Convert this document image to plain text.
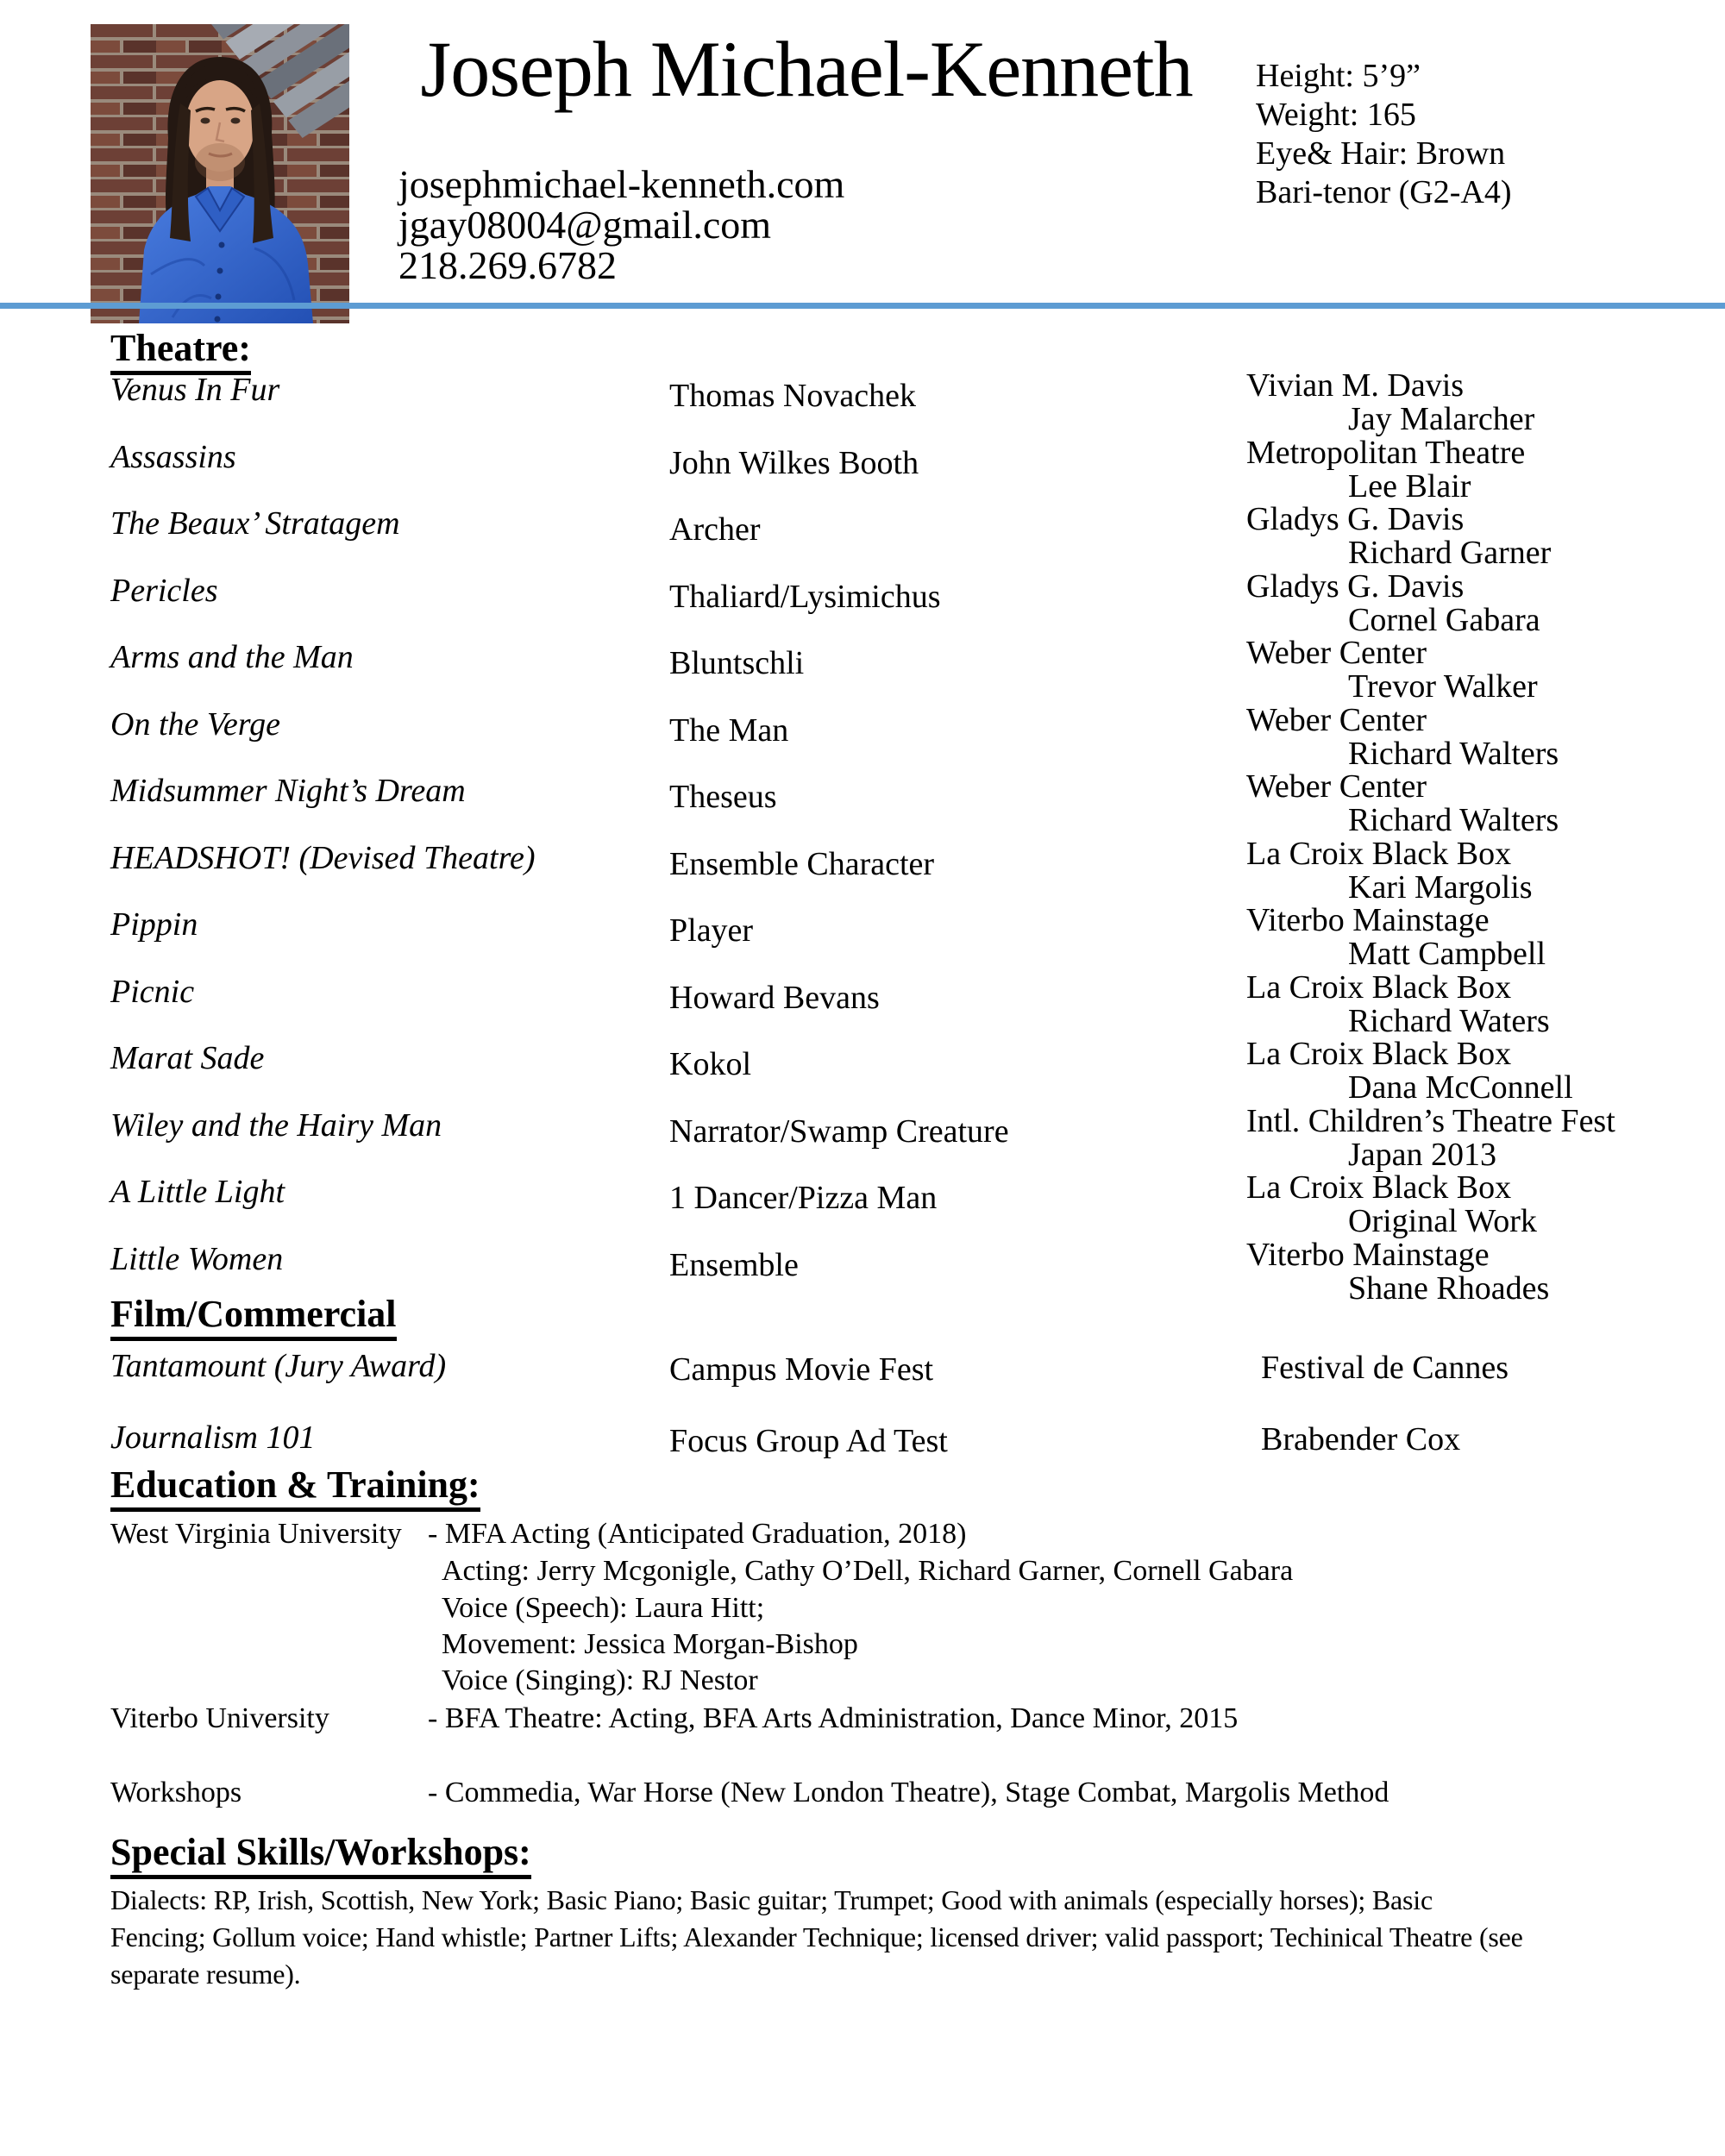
Joseph Michael-Kenneth
josephmichael-kenneth.com
jgay08004@gmail.com
218.269.6782
Height: 5’9”
Weight: 165
Eye& Hair: Brown
Bari-tenor (G2-A4)
Theatre:
Venus In Fur	Thomas Novachek	Vivian M. Davis
Jay Malarcher
Assassins	John Wilkes Booth	Metropolitan Theatre
Lee Blair
The Beaux’ Stratagem	Archer	Gladys G. Davis
Richard Garner
Pericles	Thaliard/Lysimichus	Gladys G. Davis
Cornel Gabara
Arms and the Man	Bluntschli	Weber Center
Trevor Walker
On the Verge	The Man	Weber Center
Richard Walters
Midsummer Night’s Dream	Theseus	Weber Center
Richard Walters
HEADSHOT! (Devised Theatre)	Ensemble Character	La Croix Black Box
Kari Margolis
Pippin	Player	Viterbo Mainstage
Matt Campbell
Picnic	Howard Bevans	La Croix Black Box
Richard Waters
Marat Sade	Kokol	La Croix Black Box
Dana McConnell
Wiley and the Hairy Man	Narrator/Swamp Creature	Intl. Children’s Theatre Fest
Japan 2013
A Little Light	1 Dancer/Pizza Man	La Croix Black Box
Original Work
Little Women	Ensemble	Viterbo Mainstage
Shane Rhoades
Film/Commercial
Tantamount (Jury Award)	Campus Movie Fest	Festival de Cannes
Journalism 101	Focus Group Ad Test	Brabender Cox
Education & Training:
West Virginia University - MFA Acting (Anticipated Graduation, 2018)
Acting: Jerry Mcgonigle, Cathy O’Dell, Richard Garner, Cornell Gabara
Voice (Speech): Laura Hitt;
Movement: Jessica Morgan-Bishop
Voice (Singing): RJ Nestor
Viterbo University	- BFA Theatre: Acting, BFA Arts Administration, Dance Minor, 2015
Workshops	- Commedia, War Horse (New London Theatre), Stage Combat, Margolis Method
Special Skills/Workshops:
Dialects: RP, Irish, Scottish, New York; Basic Piano; Basic guitar; Trumpet; Good with animals (especially horses); Basic Fencing; Gollum voice; Hand whistle; Partner Lifts; Alexander Technique; licensed driver; valid passport; Techinical Theatre (see separate resume).
